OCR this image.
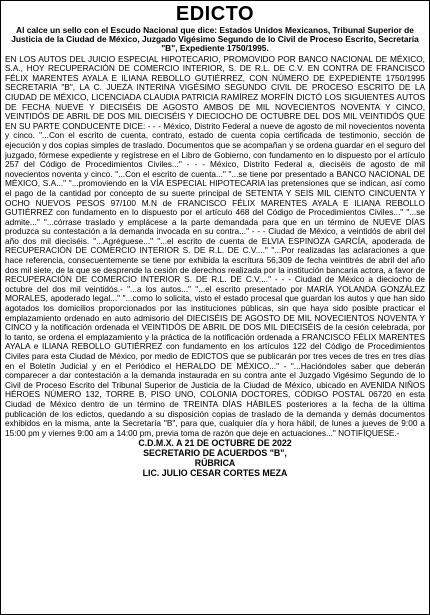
EDICTO
Al calce un sello con el Escudo Nacional que dice: Estados Unidos Mexicanos, Tribunal Superior de Justicia de la Ciudad de México, Juzgado Vigésimo Segundo de lo Civil de Proceso Escrito, Secretaría "B", Expediente 1750/1995.

EN LOS AUTOS DEL JUICIO ESPECIAL HIPOTECARIO, PROMOVIDO POR BANCO NACIONAL DE MÉXICO, S.A., HOY RECUPERACIÓN DE COMERCIO INTERIOR, S. DE R.L. DE C.V. EN CONTRA DE FRANCISCO FÉLIX MARENTES AYALA E ILIANA REBOLLO GUTIÉRREZ, CON NÚMERO DE EXPEDIENTE 1750/1995 SECRETARIA "B", LA C. JUEZA INTERINA VIGÉSIMO SEGUNDO CIVIL DE PROCESO ESCRITO DE LA CIUDAD DE MÉXICO, LICENCIADA CLAUDIA PATRICIA RAMÍREZ MORFÍN DICTÓ LOS SIGUIENTES AUTOS DE FECHA NUEVE Y DIECISÉIS DE AGOSTO AMBOS DE MIL NOVECIENTOS NOVENTA Y CINCO, VEINTIDÓS DE ABRIL DE DOS MIL DIECISÉIS Y DIECIOCHO DE OCTUBRE DEL DOS MIL VEINTIDÓS QUE EN SU PARTE CONDUCENTE DICE: - - - México, Distrito Federal a nueve de agosto de mil novecientos noventa y cinco. "...Con el escrito de cuenta, contrato, estado de cuenta copia certificada de testimonio, sección de ejecución y dos copias simples de traslado. Documentos que se acompañan y se ordena guardar en el seguro del juzgado, fórmese expediente y regístrese en el Libro de Gobierno, con fundamento en lo dispuesto por el artículo 257 del Código de Procedimientos Civiles..." - - - México, Distrito Federal a, dieciséis de agosto de mil novecientos noventa y cinco. "...Con el escrito de cuenta..." "...se tiene por presentado a BANCO NACIONAL DE MÉXICO, S.A..." "...promoviendo en la VÍA ESPECIAL HIPOTECARIA las pretensiones que se indican, así como el pago de la cantidad por concepto de su suerte principal de SETENTA Y SEIS MIL CIENTO CINCUENTA Y OCHO NUEVOS PESOS 97/100 M.N de FRANCISCO FÉLIX MARENTES AYALA E ILIANA REBOLLO GUTIÉRREZ con fundamento en lo dispuesto por el artículo 468 del Código de Procedimientos Civiles..." "...se admite..." "...córrase traslado y emplácese a la parte demandada para que en un término de NUEVE DÍAS produzca su contestación a la demanda invocada en su contra..." - - - Ciudad de México, a veintidós de abril del año dos mil dieciséis. "...Agréguese..." "...el escrito de cuenta de ELVIA ESPINOZA GARCÍA, apoderada de RECUPERACIÓN DE COMERCIO INTERIOR S. DE R.L. DE C.V...." "...Por realizadas las aclaraciones a que hace referencia, consecuentemente se tiene por exhibida la escritura 56,309 de fecha veintitrés de abril del año dos mil siete, de la que se desprende la cesión de derechos realizada por la institución bancaria actora, a favor de RECUPERACIÓN DE COMERCIO INTERIOR S. DE R.L. DE C.V...." - - - Ciudad de México a dieciocho de octubre del dos mil veintidós.- "...a los autos..." "...el escrito presentado por MARÍA YOLANDA GONZÁLEZ MORALES, apoderado legal..." "...como lo solicita, visto el estado procesal que guardan los autos y que han sido agotados los domicilios proporcionados por las instituciones públicas, sin que haya sido posible practicar el emplazamiento ordenado en auto admisorio del DIECISÉIS DE AGOSTO DE MIL NOVECIENTOS NOVENTA Y CINCO y la notificación ordenada el VEINTIDÓS DE ABRIL DE DOS MIL DIECISÉIS de la cesión celebrada, por lo tanto, se ordena el emplazamiento y la práctica de la notificación ordenada a FRANCISCO FÉLIX MARENTES AYALA e ILIANA REBOLLO GUTIÉRREZ con fundamento en los artículos 122 del Código de Procedimientos Civiles para esta Ciudad de México, por medio de EDICTOS que se publicarán por tres veces de tres en tres días en el Boletín Judicial y en el Periódico el HERALDO DE MÉXICO..." - "...Hacióndoles saber que deberán comparecer a dar contestación a la demanda instaurada en su contra ante el Juzgado Vigésimo Segundo de lo Civil de Proceso Escrito del Tribunal Superior de Justicia de la Ciudad de México, ubicado en AVENIDA NIÑOS HÉROES NÚMERO 132, TORRE B, PISO UNO, COLONIA DOCTORES, CÓDIGO POSTAL 06720 en esta Ciudad de México dentro de un término de TREINTA DÍAS HÁBILES posteriores a la fecha de la última publicación de los edictos, quedando a su disposición copias de traslado de la demanda y demás documentos exhibidos en la misma, ante la Secretaría "B", para que, cualquier día y hora hábil, de lunes a jueves de 9:00 a 15:00 pm y viernes 9:00 am a 14:00 pm, previa toma de razón que deje en actuaciones..." NOTIFÍQUESE.-

C.D.M.X. A 21 DE OCTUBRE DE 2022
SECRETARIO DE ACUERDOS "B",
RÚBRICA
LIC. JULIO CESAR CORTES MEZA
